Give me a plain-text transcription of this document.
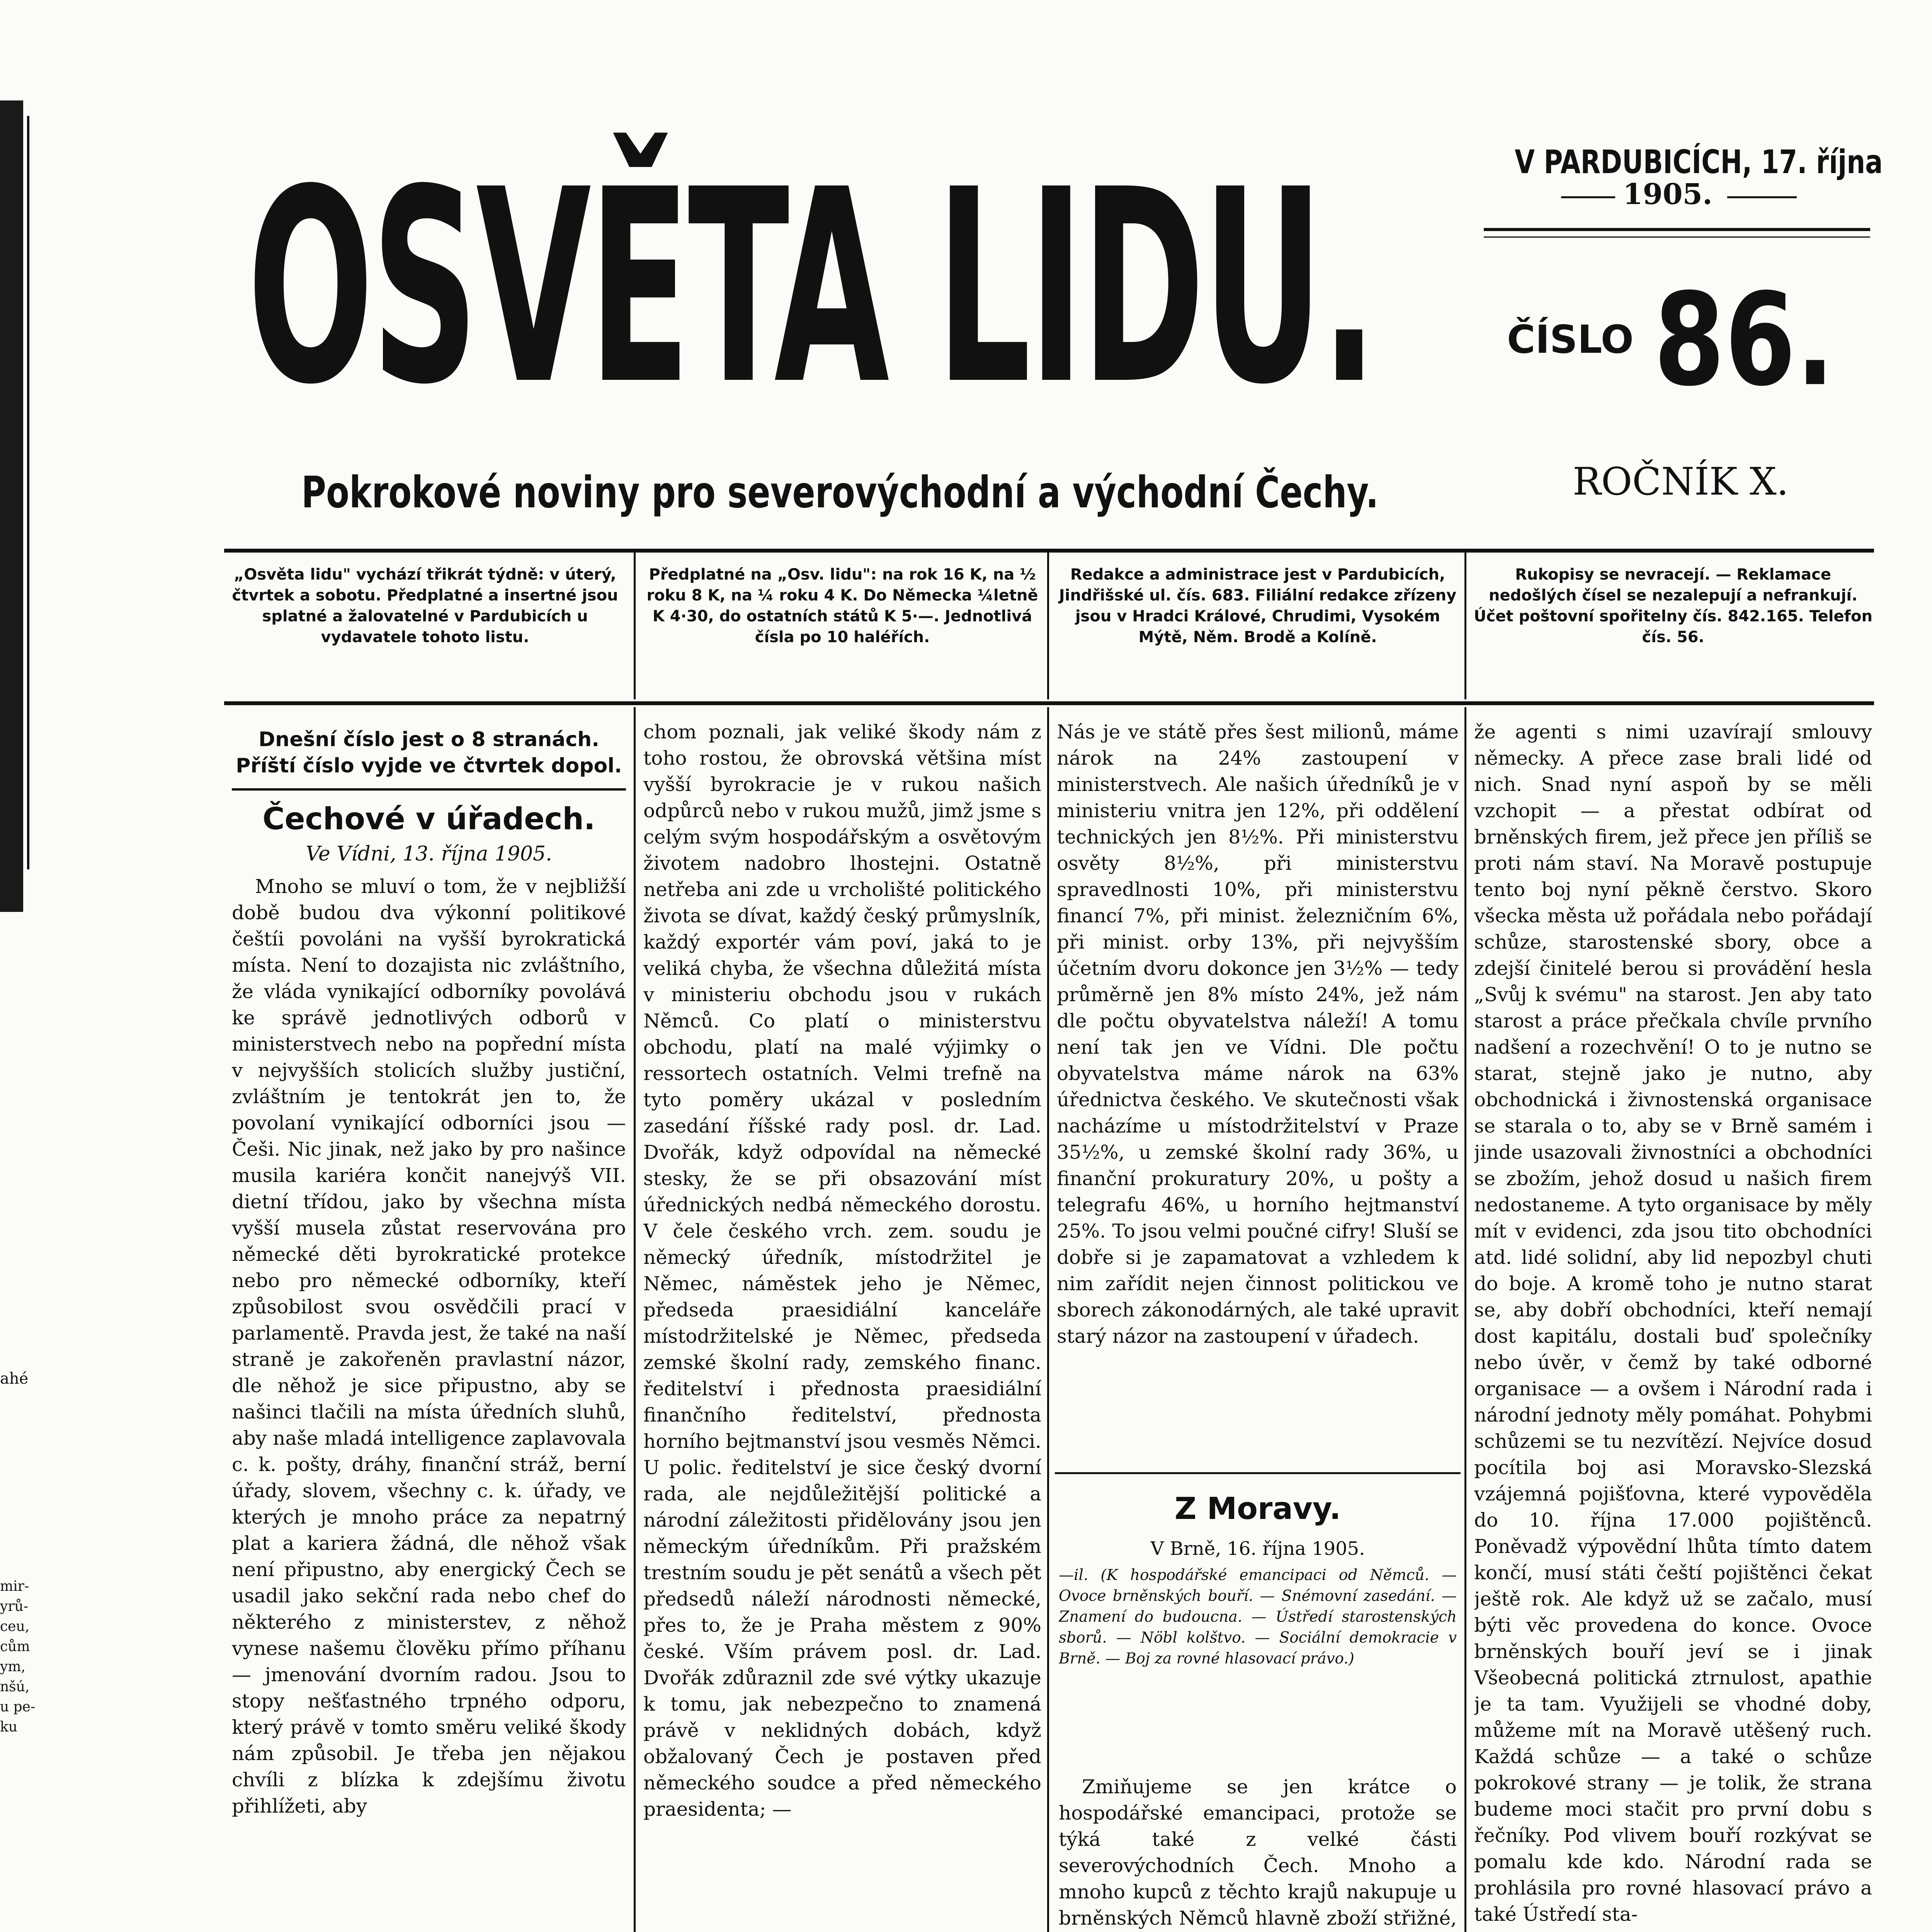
ahé
mir- yrů- ceu, cům ym, nšú, u pe- ku
OSVĚTA LIDU.
Pokrokové noviny pro severovýchodní a východní Čechy.
V PARDUBICÍCH, 17. října
1905.
ČÍSLO 86.
ROČNÍK X.
„Osvěta lidu" vychází třikrát týdně: v úterý, čtvrtek a sobotu. Předplatné a insertné jsou splatné a žalovatelné v Pardubicích u vydavatele tohoto listu.
Předplatné na „Osv. lidu": na rok 16 K, na ½ roku 8 K, na ¼ roku 4 K. Do Německa ¼letně K 4·30, do ostatních států K 5·—. Jednotlivá čísla po 10 haléřích.
Redakce a administrace jest v Pardubicích, Jindřišské ul. čís. 683. Filiální redakce zřízeny jsou v Hradci Králové, Chrudimi, Vysokém Mýtě, Něm. Brodě a Kolíně.
Rukopisy se nevracejí. — Reklamace nedošlých čísel se nezalepují a nefrankují. Účet poštovní spořitelny čís. 842.165. Telefon čís. 56.
Dnešní číslo jest o 8 stranách.
Příští číslo vyjde ve čtvrtek dopol.
Čechové v úřadech.
Ve Vídni, 13. října 1905.

Mnoho se mluví o tom, že v nejbližší době budou dva výkonní politikové češtíi povoláni na vyšší byrokratická místa. Není to dozajista nic zvláštního, že vláda vynikající odborníky povolává ke správě jednotlivých odborů v ministerstvech nebo na popřední místa v nejvyšších stolicích služby justiční, zvláštním je tentokrát jen to, že povolaní vynikající odborníci jsou — Češi. Nic jinak, než jako by pro našince musila kariéra končit nanejvýš VII. dietní třídou, jako by všechna místa vyšší musela zůstat reservována pro německé děti byrokratické protekce nebo pro německé odborníky, kteří způsobilost svou osvědčili prací v parlamentě. Pravda jest, že také na naší straně je zakořeněn pravlastní názor, dle něhož je sice připustno, aby se našinci tlačili na místa úředních sluhů, aby naše mladá intelligence zaplavovala c. k. pošty, dráhy, finanční stráž, berní úřady, slovem, všechny c. k. úřady, ve kterých je mnoho práce za nepatrný plat a kariera žádná, dle něhož však není připustno, aby energický Čech se usadil jako sekční rada nebo chef do některého z ministerstev, z něhož vynese našemu člověku přímo příhanu — jmenování dvorním radou. Jsou to stopy nešťastného trpného odporu, který právě v tomto směru veliké škody nám způsobil. Je třeba jen nějakou chvíli z blízka k zdejšímu životu přihlížeti, aby

chom poznali, jak veliké škody nám z toho rostou, že obrovská většina míst vyšší byrokracie je v rukou našich odpůrců nebo v rukou mužů, jimž jsme s celým svým hospodářským a osvětovým životem nadobro lhostejni. Ostatně netřeba ani zde u vrcholišté politického života se dívat, každý český průmyslník, každý exportér vám poví, jaká to je veliká chyba, že všechna důležitá místa v ministeriu obchodu jsou v rukách Němců. Co platí o ministerstvu obchodu, platí na malé výjimky o ressortech ostatních. Velmi trefně na tyto poměry ukázal v posledním zasedání říšské rady posl. dr. Lad. Dvořák, když odpovídal na německé stesky, že se při obsazování míst úřednických nedbá německého dorostu. V čele českého vrch. zem. soudu je německý úředník, místodržitel je Němec, náměstek jeho je Němec, předseda praesidiální kanceláře místodržitelské je Němec, předseda zemské školní rady, zemského financ. ředitelství i přednosta praesidiální finančního ředitelství, přednosta horního bejtmanství jsou vesměs Němci. U polic. ředitelství je sice český dvorní rada, ale nejdůležitější politické a národní záležitosti přidělovány jsou jen německým úředníkům. Při pražském trestním soudu je pět senátů a všech pět předsedů náleží národnosti německé, přes to, že je Praha městem z 90% české. Vším právem posl. dr. Lad. Dvořák zdůraznil zde své výtky ukazuje k tomu, jak nebezpečno to znamená právě v neklidných dobách, když obžalovaný Čech je postaven před německého soudce a před německého praesidenta; —

Nás je ve státě přes šest milionů, máme nárok na 24% zastoupení v ministerstvech. Ale našich úředníků je v ministeriu vnitra jen 12%, při oddělení technických jen 8½%. Při ministerstvu osvěty 8½%, při ministerstvu spravedlnosti 10%, při ministerstvu financí 7%, při minist. železničním 6%, při minist. orby 13%, při nejvyšším účetním dvoru dokonce jen 3½% — tedy průměrně jen 8% místo 24%, jež nám dle počtu obyvatelstva náleží! A tomu není tak jen ve Vídni. Dle počtu obyvatelstva máme nárok na 63% úřednictva českého. Ve skutečnosti však nacházíme u místodržitelství v Praze 35½%, u zemské školní rady 36%, u finanční prokuratury 20%, u pošty a telegrafu 46%, u horního hejtmanství 25%. To jsou velmi poučné cifry! Sluší se dobře si je zapamatovat a vzhledem k nim zařídit nejen činnost politickou ve sborech zákonodárných, ale také upravit starý názor na zastoupení v úřadech.

Z Moravy.
V Brně, 16. října 1905.

—il. (K hospodářské emancipaci od Němců. — Ovoce brněnských bouří. — Snémovní zasedání. — Znamení do budoucna. — Ústředí starostenských sborů. — Nöbl kolštvo. — Sociální demokracie v Brně. — Boj za rovné hlasovací právo.)

Zmiňujeme se jen krátce o hospodářské emancipaci, protože se týká také z velké části severovýchodních Čech. Mnoho a mnoho kupců z těchto krajů nakupuje u brněnských Němců hlavně zboží střižné,

že agenti s nimi uzavírají smlouvy německy. A přece zase brali lidé od nich. Snad nyní aspoň by se měli vzchopit — a přestat odbírat od brněnských firem, jež přece jen příliš se proti nám staví. Na Moravě postupuje tento boj nyní pěkně čerstvo. Skoro všecka města už pořádala nebo pořádají schůze, starostenské sbory, obce a zdejší činitelé berou si provádění hesla „Svůj k svému" na starost. Jen aby tato starost a práce přečkala chvíle prvního nadšení a rozechvění! O to je nutno se starat, stejně jako je nutno, aby obchodnická i živnostenská organisace se starala o to, aby se v Brně samém i jinde usazovali živnostníci a obchodníci se zbožím, jehož dosud u našich firem nedostaneme. A tyto organisace by měly mít v evidenci, zda jsou tito obchodníci atd. lidé solidní, aby lid nepozbyl chuti do boje. A kromě toho je nutno starat se, aby dobří obchodníci, kteří nemají dost kapitálu, dostali buď společníky nebo úvěr, v čemž by také odborné organisace — a ovšem i Národní rada i národní jednoty měly pomáhat. Pohybmi schůzemi se tu nezvítězí. Nejvíce dosud pocítila boj asi Moravsko-Slezská vzájemná pojišťovna, které vypověděla do 10. října 17.000 pojištěnců. Poněvadž výpovědní lhůta tímto datem končí, musí státi čeští pojištěnci čekat ještě rok. Ale když už se začalo, musí býti věc provedena do konce. Ovoce brněnských bouří jeví se i jinak Všeobecná politická ztrnulost, apathie je ta tam. Využijeli se vhodné doby, můžeme mít na Moravě utěšený ruch. Každá schůze — a také o schůze pokrokové strany — je tolik, že strana budeme moci stačit pro první dobu s řečníky. Pod vlivem bouří rozkývat se pomalu kde kdo. Národní rada se prohlásila pro rovné hlasovací právo a také Ústředí sta-
